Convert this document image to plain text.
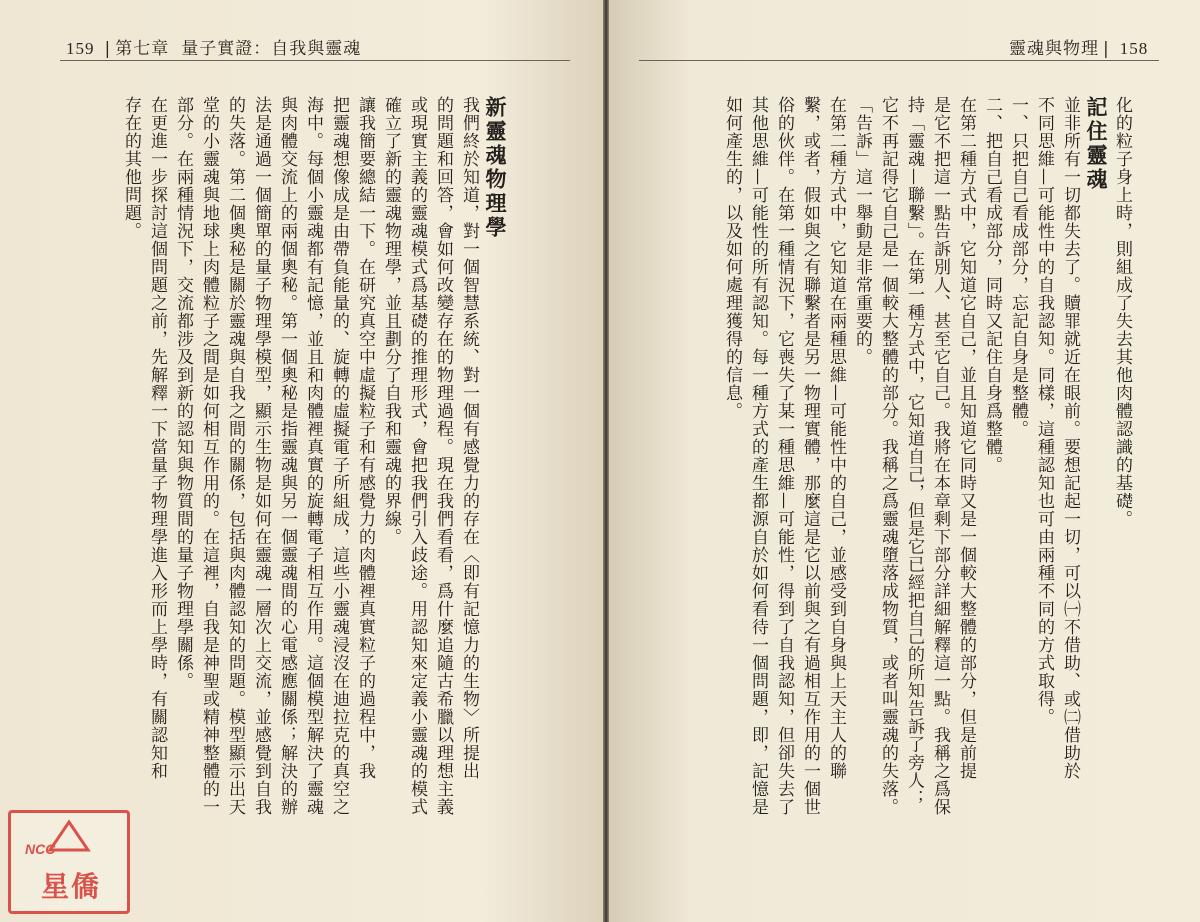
159 | 第七章 量子實證：自我與靈魂
新靈魂物理學
我們終於知道，對一個智慧系統、對一個有感覺力的存在〈即有記憶力的生物〉所提出
的問題和回答，會如何改變存在的物理過程。現在我們看看，爲什麼追隨古希臘以理想主義
或現實主義的靈魂模式爲基礎的推理形式，會把我們引入歧途。用認知來定義小靈魂的模式
確立了新的靈魂物理學，並且劃分了自我和靈魂的界線。
讓我簡要總結一下。在研究真空中虛擬粒子和有感覺力的肉體裡真實粒子的過程中，我
把靈魂想像成是由帶負能量的、旋轉的虛擬電子所組成，這些小靈魂浸沒在迪拉克的真空之
海中。每個小靈魂都有記憶，並且和肉體裡真實的旋轉電子相互作用。這個模型解決了靈魂
與肉體交流上的兩個奧秘。第一個奧秘是指靈魂與另一個靈魂間的心電感應關係；解決的辦
法是通過一個簡單的量子物理學模型，顯示生物是如何在靈魂一層次上交流，並感覺到自我
的失落。第二個奧秘是關於靈魂與自我之間的關係，包括與肉體認知的問題。模型顯示出天
堂的小靈魂與地球上肉體粒子之間是如何相互作用的。在這裡，自我是神聖或精神整體的一
部分。在兩種情況下，交流都涉及到新的認知與物質間的量子物理學關係。
在更進一步探討這個問題之前，先解釋一下當量子物理學進入形而上學時，有關認知和
存在的其他問題。
靈魂與物理 | 158
化的粒子身上時，則組成了失去其他肉體認識的基礎。
記住靈魂
並非所有一切都失去了。贖罪就近在眼前。要想記起一切，可以㈠不借助、或㈡借助於
不同思維—可能性中的自我認知。同樣，這種認知也可由兩種不同的方式取得。
一、只把自己看成部分，忘記自身是整體。
二、把自己看成部分，同時又記住自身爲整體。
在第二種方式中，它知道它自己，並且知道它同時又是一個較大整體的部分，但是前提
是它不把這一點告訴別人、甚至它自己。我將在本章剩下部分詳細解釋這一點。我稱之爲保
持「靈魂—聯繫」。在第一種方式中，它知道自己，但是它已經把自己的所知告訴了旁人；
它不再記得它自己是一個較大整體的部分。我稱之爲靈魂墮落成物質，或者叫靈魂的失落。
「告訴」這一舉動是非常重要的。
在第二種方式中，它知道在兩種思維—可能性中的自己，並感受到自身與上天主人的聯
繫，或者，假如與之有聯繫者是另一物理實體，那麼這是它以前與之有過相互作用的一個世
俗的伙伴。在第一種情況下，它喪失了某一種思維—可能性，得到了自我認知，但卻失去了
其他思維—可能性的所有認知。每一種方式的產生都源自於如何看待一個問題，即，記憶是
如何產生的，以及如何處理獲得的信息。
NCC
星僑
